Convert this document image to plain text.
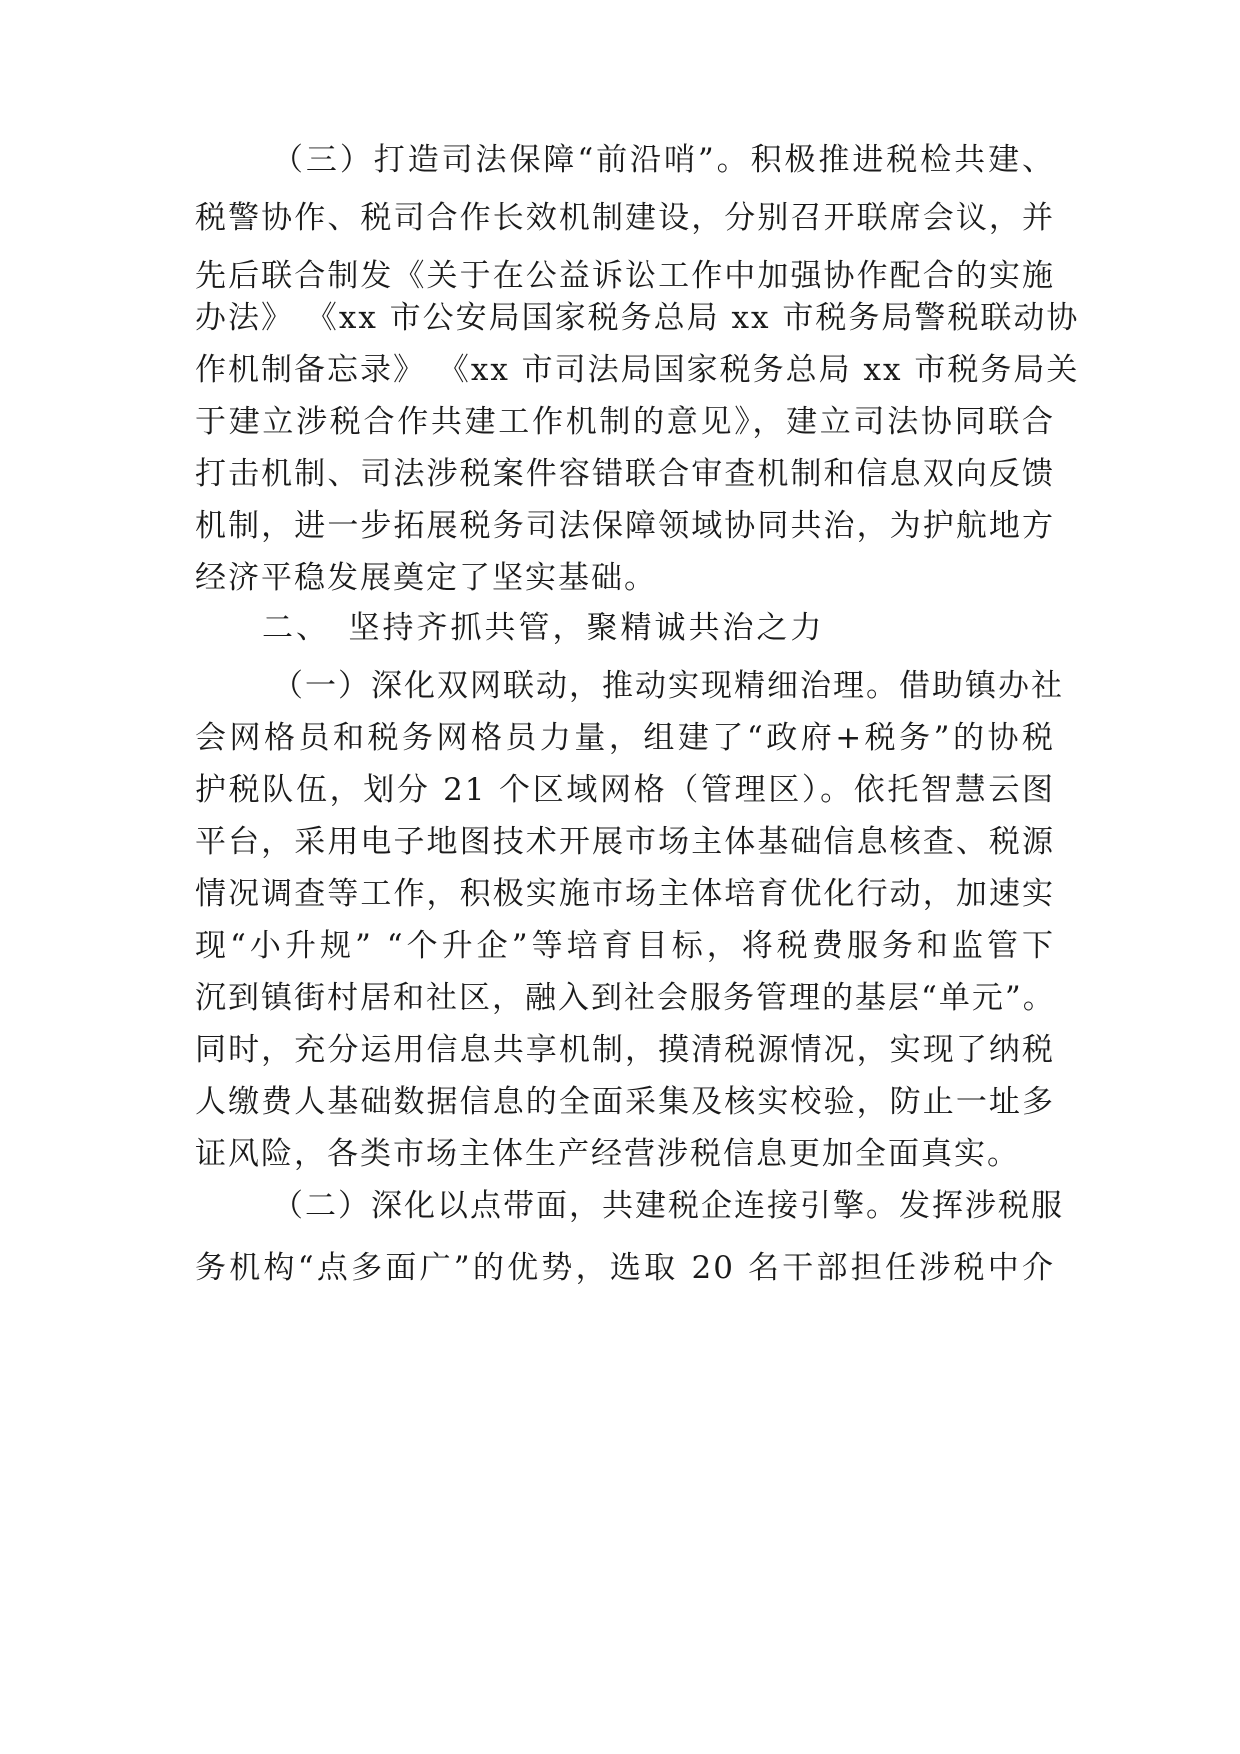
（三）打造司法保障“前沿哨”。积极推进税检共建、
税警协作、税司合作长效机制建设，分别召开联席会议，并
先后联合制发《关于在公益诉讼工作中加强协作配合的实施
办法》 《xx 市公安局国家税务总局 xx 市税务局警税联动协
作机制备忘录》 《xx 市司法局国家税务总局 xx 市税务局关
于建立涉税合作共建工作机制的意见》，建立司法协同联合
打击机制、司法涉税案件容错联合审查机制和信息双向反馈
机制，进一步拓展税务司法保障领域协同共治，为护航地方
经济平稳发展奠定了坚实基础。
二、　坚持齐抓共管，聚精诚共治之力
（一）深化双网联动，推动实现精细治理。借助镇办社
会网格员和税务网格员力量，组建了“政府+税务”的协税
护税队伍，划分 21 个区域网格（管理区）。依托智慧云图
平台，采用电子地图技术开展市场主体基础信息核查、税源
情况调查等工作，积极实施市场主体培育优化行动，加速实
现“小升规” “个升企”等培育目标，将税费服务和监管下
沉到镇街村居和社区，融入到社会服务管理的基层“单元”。
同时，充分运用信息共享机制，摸清税源情况，实现了纳税
人缴费人基础数据信息的全面采集及核实校验，防止一址多
证风险，各类市场主体生产经营涉税信息更加全面真实。
（二）深化以点带面，共建税企连接引擎。发挥涉税服
务机构“点多面广”的优势，选取 20 名干部担任涉税中介
